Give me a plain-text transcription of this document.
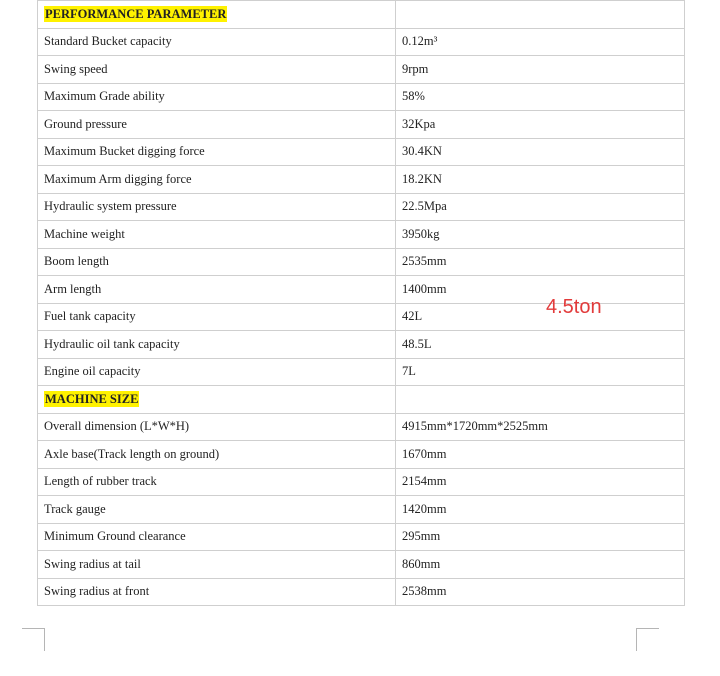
PERFORMANCE PARAMETER	
Standard Bucket capacity	0.12m³
Swing speed	9rpm
Maximum Grade ability	58%
Ground pressure	32Kpa
Maximum Bucket digging force	30.4KN
Maximum Arm digging force	18.2KN
Hydraulic system pressure	22.5Mpa
Machine weight	3950kg
Boom length	2535mm
Arm length	1400mm
Fuel tank capacity	42L
Hydraulic oil tank capacity	48.5L
Engine oil capacity	7L
MACHINE SIZE	
Overall dimension (L*W*H)	4915mm*1720mm*2525mm
Axle base(Track length on ground)	1670mm
Length of rubber track	2154mm
Track gauge	1420mm
Minimum Ground clearance	295mm
Swing radius at tail	860mm
Swing radius at front	2538mm
4.5ton
